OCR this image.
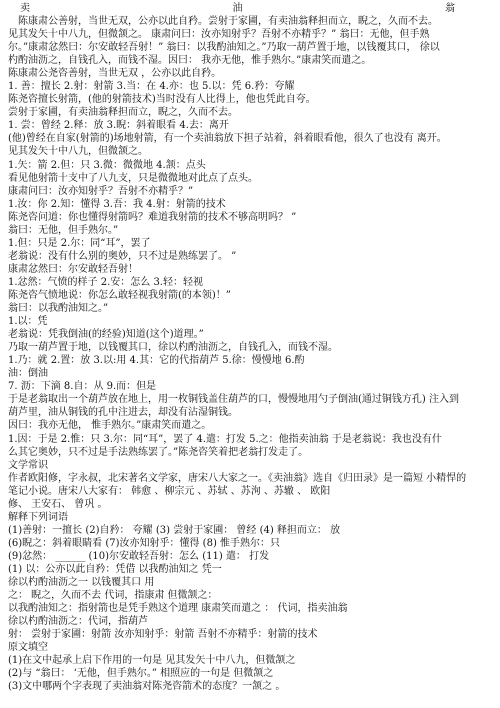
卖	油	翁
陈康肃公善射，当世无双，公亦以此自矜。尝射于家圃，有卖油翁释担而立，睨之，久而不去。
见其发矢十中八九，但微颔之。 康肃问曰：汝亦知射乎？吾射不亦精乎？” 翁曰：无他，但手熟
尔。”康肃忿然曰：尔安敢轻吾射！” 翁曰：以我酌油知之。”乃取一葫芦置于地，以钱覆其口， 徐以
杓酌油沥之，自钱孔入，而钱不湿。因曰： 我亦无他，惟手熟尔。”康肃笑而遣之。
陈康肃公尧咨善射，当世无双 ，公亦以此自矜。
1. 善：擅长 2.射：射箭 3.当：在 4.亦：也 5.以：凭 6.矜：夸耀
陈尧咨擅长射箭，(他的射箭技术)当时没有人比得上，他也凭此自夸。
尝射于家圃，有卖油翁释担而立，睨之，久而不去。
1. 尝：曾经 2.释：放 3.睨：斜着眼看 4.去：离开
(他)曾经在自家(射箭的)场地射箭，有一个卖油翁放下担子站着，斜着眼看他，很久了也没有 离开。
见其发矢十中八九，但微颔之。
1.矢：箭 2.但：只 3.微：微微地 4.颔：点头
看见他射箭十支中了八九支，只是微微地对此点了点头。
康肃问曰：汝亦知射乎？吾射不亦精乎？”
1.汝：你 2.知：懂得 3.吾：我 4.射：射箭的技术
陈尧咨问道：你也懂得射箭吗？难道我射箭的技术不够高明吗？ ”
翁曰：无他，但手熟尔。”
1.但：只是 2.尔：同“耳”，罢了
老翁说：没有什么别的奥妙，只不过是熟练罢了。 ”
康肃忿然曰：尔安敢轻吾射！
1.忿然：气愤的样子 2.安：怎么 3.轻：轻视
陈尧咨气愤地说：你怎么敢轻视我射箭(的本领)！”
翁曰：以我酌油知之。”
1.以：凭
老翁说：凭我倒油(的经验)知道(这个)道理。”
乃取一葫芦置于地，以钱覆其口，徐以杓酌油沥之，自钱孔入，而钱不湿。
1.乃：就 2.置：放 3.以:用 4.其：它的代指葫芦 5.徐：慢慢地 6.酌
油：倒油
7. 沥：下滴 8.自：从 9.而：但是
于是老翁取出一个葫芦放在地上，用一枚铜钱盖住葫芦的口，慢慢地用勺子倒油(通过铜钱方孔) 注入到
葫芦里，油从铜钱的孔中注进去，却没有沾湿铜钱。
因曰：我亦无他， 惟手熟尔。”康肃笑而遣之。
1.因：于是 2.惟：只 3.尔：同“耳”，罢了 4.遣：打发 5.之：他指卖油翁 于是老翁说：我也没有什
么其它奥妙，只不过是手法熟练罢了。”陈尧咨笑着把老翁打发走了。
文学常识
作者欧阳修，字永叔，北宋著名文学家，唐宋八大家之一。《卖油翁》选自《归田录》是一篇短 小精悍的
笔记小说。唐宋八大家有： 韩愈 、柳宗元 、苏轼 、苏洵 、苏辙 、 欧阳
修、 王安石、 曾巩 。
解释下列词语
(1)善射：一擅长 (2)自矜： 夸耀 (3) 尝射于家圃： 曾经 (4) 释担而立： 放
(6)睨之：斜着眼睛看 (7)汝亦知射乎：懂得 (8) 惟手熟尔：只
(9)忿然： ______ (10)尔安敢轻吾射：怎么 (11) 遣： 打发
(1) 以：公亦以此自矜：凭借 以我酌油知之 凭一
徐以杓酌油沥之一 以钱覆其口 用
之： 睨之，久而不去 代词，指康肃 但微颔之：
以我酌油知之：指射箭也是凭手熟这个道理 康肃笑而遣之 ： 代词，指卖油翁
徐以杓酌油沥之：代词，指葫芦
射： 尝射于家圃：射箭 汝亦知射乎：射箭 吾射不亦精乎：射箭的技术
原文填空
(1)在文中起承上启下作用的一句是 见其发矢十中八九，但微颔之
(2)与 “翁曰： ‘无他，但手熟尔。” 相照应的一句是 但微颔之
(3)文中哪两个字表现了卖油翁对陈尧咨箭术的态度？一颔之 。
